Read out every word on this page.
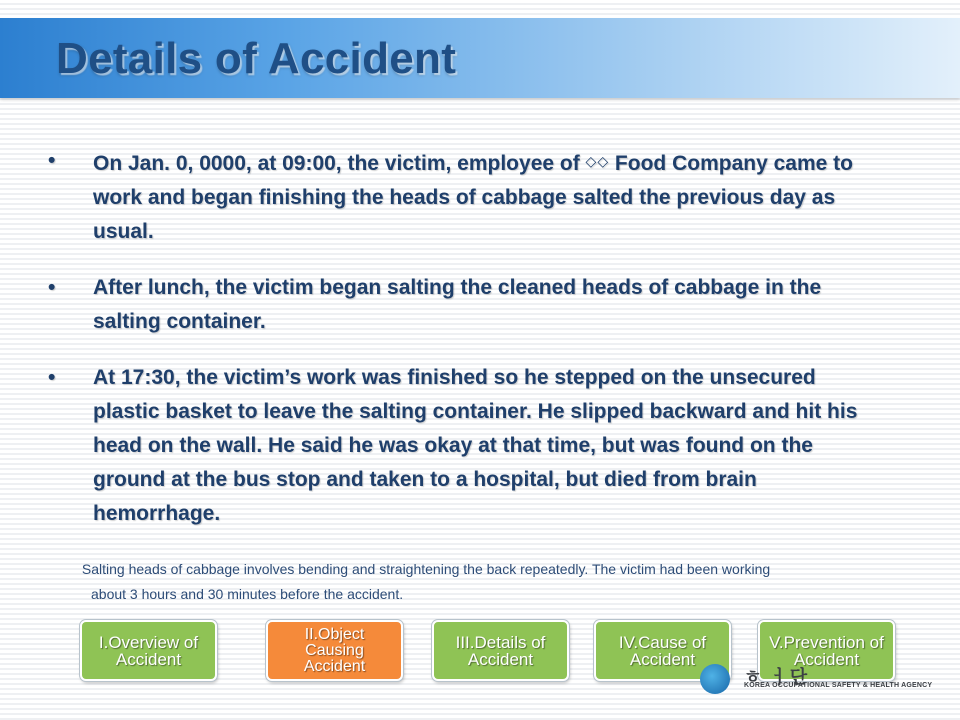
Details of Accident

• On Jan. 0, 0000, at 09:00, the victim, employee of ◇◇ Food Company came to work and began finishing the heads of cabbage salted the previous day as usual.

• After lunch, the victim began salting the cleaned heads of cabbage in the salting container.

• At 17:30, the victim’s work was finished so he stepped on the unsecured plastic basket to leave the salting container. He slipped backward and hit his head on the wall. He said he was okay at that time, but was found on the ground at the bus stop and taken to a hospital, but died from brain hemorrhage.

Salting heads of cabbage involves bending and straightening the back repeatedly. The victim had been working
about 3 hours and 30 minutes before the accident.
I.Overview of Accident
II.Object Causing Accident
III.Details of Accident
IV.Cause of Accident
V.Prevention of Accident
ㅎ ㅓ단
KOREA OCCUPATIONAL SAFETY & HEALTH AGENCY
